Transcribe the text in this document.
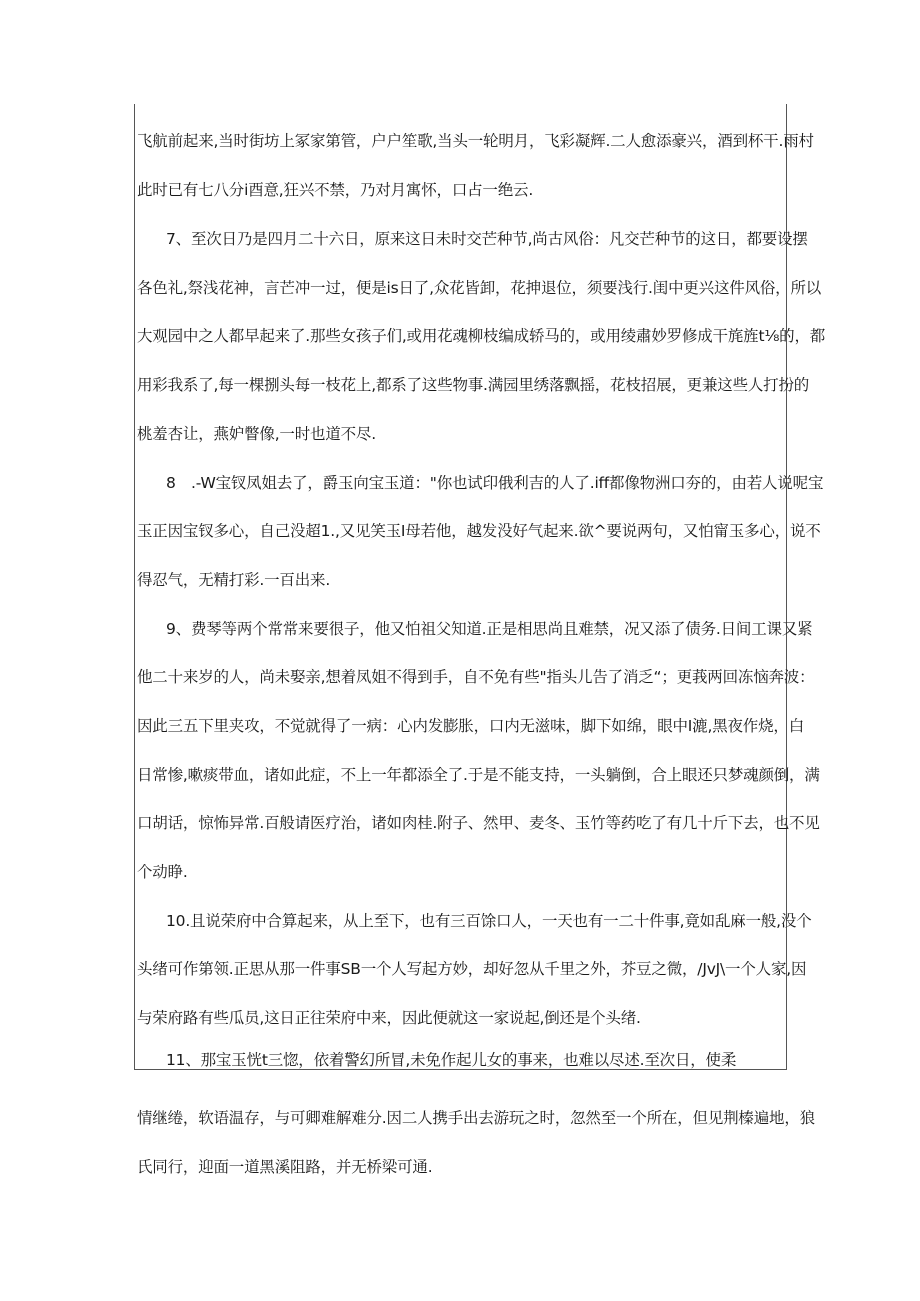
飞航前起来,当时街坊上冢家第管，户户笙歌,当头一轮明月，飞彩凝辉.二人愈添豪兴，酒到杯干.雨村
此时已有七八分i酉意,狂兴不禁，乃对月寓怀，口占一绝云.
7、至次日乃是四月二十六日，原来这日未时交芒种节,尚古风俗：凡交芒种节的这日，都要设摆
各色礼,祭浅花神，言芒冲一过，便是is日了,众花皆卸，花抻退位，须要浅行.闺中更兴这件风俗，所以
大观园中之人都早起来了.那些女孩子们,或用花魂柳枝编成轿马的，或用绫肅妙罗修成干旄旌t⅛的，都
用彩我系了,每一棵捌头每一枝花上,都系了这些物事.满园里绣落飘摇，花枝招展，更兼这些人打扮的
桃羞杏让，燕妒瞥像,一时也道不尽.
8　.-W宝钗凤姐去了，爵玉向宝玉道："你也试印俄利吉的人了.iff都像物洲口夯的，由若人说呢宝
玉正因宝钗多心，自己没超1.,又见笑玉I母若他，越发没好气起来.欲^要说两句，又怕甯玉多心，说不
得忍气，无精打彩.一百出来.
9、费琴等两个常常来要很子，他又怕祖父知道.正是相思尚且难禁，况又添了债务.日间工课又紧
他二十来岁的人，尚未娶亲,想着凤姐不得到手，自不免有些"指头儿告了消乏“；更莪两回冻恼奔波：
因此三五下里夹攻，不觉就得了一病：心内发膨胀，口内无滋味，脚下如绵，眼中I漉,黑夜作烧，白
日常惨,嗽痰带血，诸如此症，不上一年都添全了.于是不能支持，一头躺倒，合上眼还只梦魂颜倒，满
口胡话，惊怖异常.百般请医疗治，诸如肉桂.附子、然甲、麦冬、玉竹等药吃了有几十斤下去，也不见
个动睁.
10.且说荣府中合算起来，从上至下，也有三百馀口人，一天也有一二十件事,竟如乱麻一般,没个
头绪可作第领.正思从那一件事SB一个人写起方妙，却好忽从千里之外，芥豆之微，/JvJ\一个人家,因
与荣府路有些瓜员,这日正往荣府中来，因此便就这一家说起,倒还是个头绪.
11、那宝玉恍t三惚，依着警幻所冒,未免作起儿女的事来，也难以尽述.至次日，使柔
情继绻，软语温存，与可卿难解难分.因二人携手出去游玩之时，忽然至一个所在，但见荆榛遍地，狼
氏同行，迎面一道黑溪阻路，并无桥梁可通.
